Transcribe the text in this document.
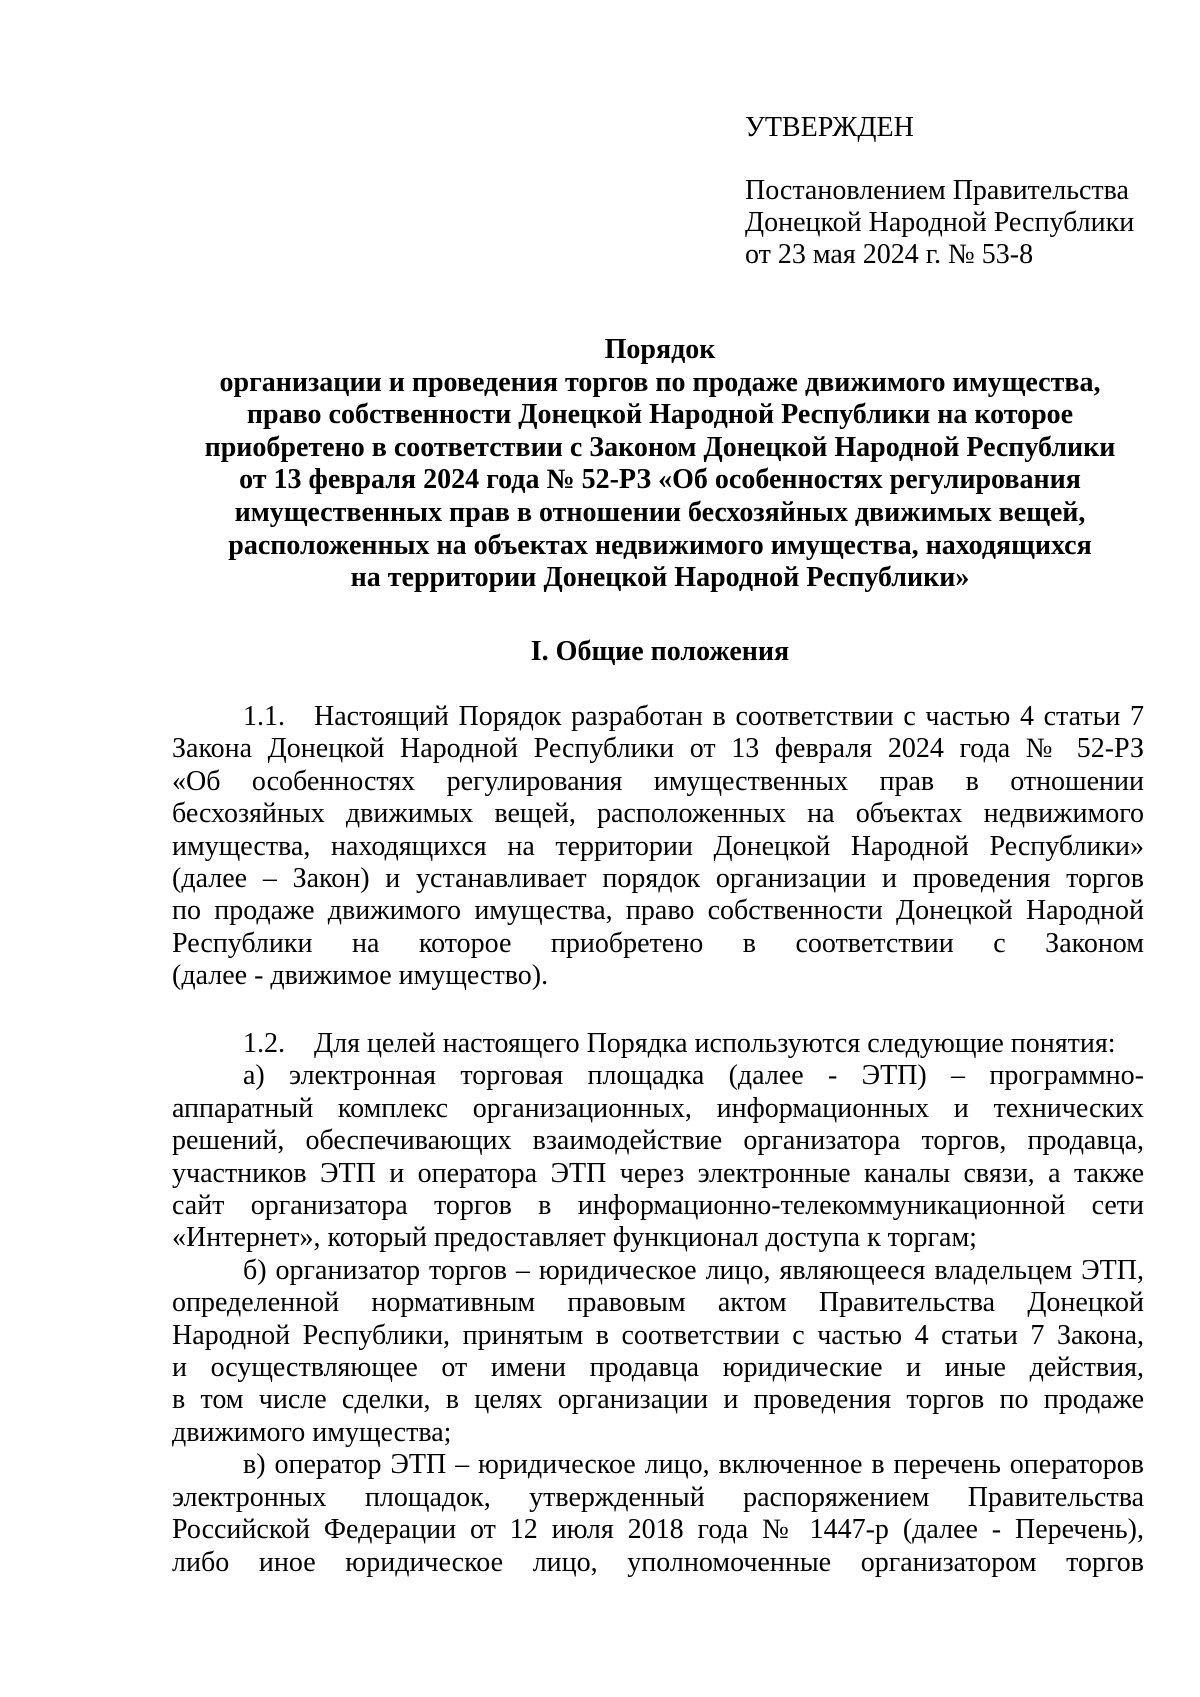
УТВЕРЖДЕН
Постановлением Правительства
Донецкой Народной Республики
от 23 мая 2024 г. № 53-8
Порядок
организации и проведения торгов по продаже движимого имущества,
право собственности Донецкой Народной Республики на которое
приобретено в соответствии с Законом Донецкой Народной Республики
от 13 февраля 2024 года № 52-РЗ «Об особенностях регулирования
имущественных прав в отношении бесхозяйных движимых вещей,
расположенных на объектах недвижимого имущества, находящихся
на территории Донецкой Народной Республики»
I. Общие положения
1.1. Настоящий Порядок разработан в соответствии с частью 4 статьи 7
Закона Донецкой Народной Республики от 13 февраля 2024 года № 52-РЗ
«Об особенностях регулирования имущественных прав в отношении
бесхозяйных движимых вещей, расположенных на объектах недвижимого
имущества, находящихся на территории Донецкой Народной Республики»
(далее – Закон) и устанавливает порядок организации и проведения торгов
по продаже движимого имущества, право собственности Донецкой Народной
Республики на которое приобретено в соответствии с Законом
(далее - движимое имущество).
1.2. Для целей настоящего Порядка используются следующие понятия:
а) электронная торговая площадка (далее - ЭТП) – программно-
аппаратный комплекс организационных, информационных и технических
решений, обеспечивающих взаимодействие организатора торгов, продавца,
участников ЭТП и оператора ЭТП через электронные каналы связи, а также
сайт организатора торгов в информационно-телекоммуникационной сети
«Интернет», который предоставляет функционал доступа к торгам;
б) организатор торгов – юридическое лицо, являющееся владельцем ЭТП,
определенной нормативным правовым актом Правительства Донецкой
Народной Республики, принятым в соответствии с частью 4 статьи 7 Закона,
и осуществляющее от имени продавца юридические и иные действия,
в том числе сделки, в целях организации и проведения торгов по продаже
движимого имущества;
в) оператор ЭТП – юридическое лицо, включенное в перечень операторов
электронных площадок, утвержденный распоряжением Правительства
Российской Федерации от 12 июля 2018 года № 1447-р (далее - Перечень),
либо иное юридическое лицо, уполномоченные организатором торгов
